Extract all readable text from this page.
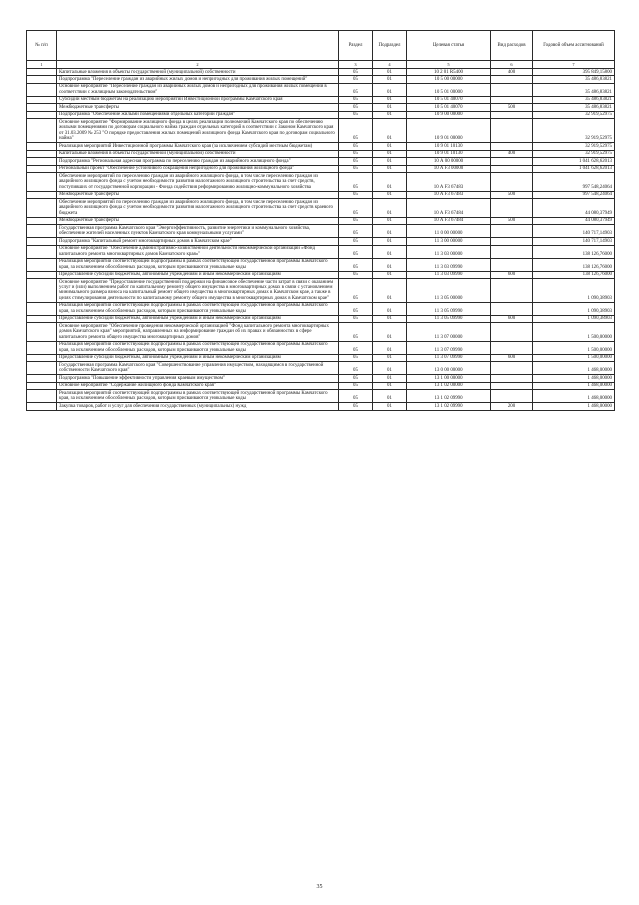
№ п/п		Раздел	Подраздел	Целевая статья	Вид расходов	Годовой объем ассигнований
1	2	3	4	5	6	7
	Капитальные вложения в объекты государственной (муниципальной) собственности	05	01	10 2 01 R5400	400	395 849,15800
	Подпрограмма "Переселение граждан из аварийных жилых домов и непригодных для проживания жилых помещений"	05	01	10 5 00 00000		35 486,83821
	Основное мероприятие "Переселение граждан из аварийных жилых домов и непригодных для проживания жилых помещений в соответствии с жилищным законодательством"	05	01	10 5 01 00000		35 486,83821
	Субсидии местным бюджетам на реализацию мероприятий Инвестиционной программы Камчатского края	05	01	10 5 01 40070		35 486,83821
	Межбюджетные трансферты	05	01	10 5 01 40070	500	35 486,83821
	Подпрограмма "Обеспечение жилыми помещениями отдельных категорий граждан"	05	01	10 9 00 00000		32 919,52975
	Основное мероприятие "Формирование жилищного фонда в целях реализации полномочий Камчатского края по обеспечению жилыми помещениями по договорам социального найма граждан отдельных категорий в соответствии с Законом Камчатского края от 31.03.2009 № 253 "О порядке предоставления жилых помещений жилищного фонда Камчатского края по договорам социального найма"	05	01	10 9 01 00000		32 919,52975
	Реализация мероприятий Инвестиционной программы Камчатского края (за исключением субсидий местным бюджетам)	05	01	10 9 01 10130		32 919,52975
	Капитальные вложения в объекты государственной (муниципальной) собственности	05	01	10 9 01 10130	400	32 919,52975
	Подпрограмма "Региональная адресная программа по переселению граждан из аварийного жилищного фонда"	05	01	10 А 00 00000		1 041 628,62013
	Региональный проект "Обеспечение устойчивого сокращения непригодного для проживания жилищного фонда"	05	01	10 А F3 00000		1 041 628,62013
	Обеспечение мероприятий по переселению граждан из аварийного жилищного фонда, в том числе переселению граждан из аварийного жилищного фонда с учетом необходимости развития малоэтажного жилищного строительства за счет средств, поступивших от государственной корпорации - Фонда содействия реформированию жилищно-коммунального хозяйства	05	01	10 А F3 67483		997 548,24064
	Межбюджетные трансферты	05	01	10 А F3 67483	500	997 548,24064
	Обеспечение мероприятий по переселению граждан из аварийного жилищного фонда, в том числе переселению граждан из аварийного жилищного фонда с учетом необходимости развития малоэтажного жилищного строительства за счет средств краевого бюджета	05	01	10 А F3 67484		44 080,37949
	Межбюджетные трансферты	05	01	10 А F3 67484	500	44 080,37949
	Государственная программа Камчатского края "Энергоэффективность, развитие энергетики и коммунального хозяйства, обеспечение жителей населенных пунктов Камчатского края коммунальными услугами"	05	01	11 0 00 00000		140 717,14903
	Подпрограмма "Капитальный ремонт многоквартирных домов в Камчатском крае"	05	01	11 3 00 00000		140 717,14903
	Основное мероприятие "Обеспечение административно-хозяйственной деятельности некоммерческой организации «Фонд капитального ремонта многоквартирных домов Камчатского края»"	05	01	11 3 03 00000		138 126,76000
	Реализация мероприятий соответствующей подпрограммы в рамках соответствующей государственной программы Камчатского края, за исключением обособленных расходов, которым присваиваются уникальные коды	05	01	11 3 03 09990		138 126,76000
	Предоставление субсидий бюджетным, автономным учреждениям и иным некоммерческим организациям	05	01	11 3 03 09990	600	138 126,76000
	Основное мероприятие "Предоставление государственной поддержки на финансовое обеспечение части затрат в связи с оказанием услуг и (или) выполнением работ по капитальному ремонту общего имущества в многоквартирных домах в связи с установлением минимального размера взноса на капитальный ремонт общего имущества в многоквартирных домах в Камчатском крае, а также в целях стимулирования деятельности по капитальному ремонту общего имущества в многоквартирных домах в Камчатском крае"	05	01	11 3 05 00000		1 090,38903
	Реализация мероприятий соответствующей подпрограммы в рамках соответствующей государственной программы Камчатского края, за исключением обособленных расходов, которым присваиваются уникальные коды	05	01	11 3 05 09990		1 090,38903
	Предоставление субсидий бюджетным, автономным учреждениям и иным некоммерческим организациям	05	01	11 3 05 09990	600	1 090,38903
	Основное мероприятие "Обеспечение проведения некоммерческой организацией "Фонд капитального ремонта многоквартирных домов Камчатского края" мероприятий, направленных на информирование граждан об их правах и обязанностях в сфере капитального ремонта общего имущества многоквартирных домов"	05	01	11 3 07 00000		1 500,00000
	Реализация мероприятий соответствующей подпрограммы в рамках соответствующей государственной программы Камчатского края, за исключением обособленных расходов, которым присваиваются уникальные коды	05	01	11 3 07 09990		1 500,00000
	Предоставление субсидий бюджетным, автономным учреждениям и иным некоммерческим организациям	05	01	11 3 07 09990	600	1 500,00000
	Государственная программа Камчатского края "Совершенствование управления имуществом, находящимся в государственной собственности Камчатского края"	05	01	13 0 00 00000		1 468,00000
	Подпрограмма "Повышение эффективности управления краевым имуществом"	05	01	13 1 00 00000		1 468,00000
	Основное мероприятие "Содержание жилищного фонда Камчатского края"	05	01	13 1 02 00000		1 468,00000
	Реализация мероприятий соответствующей подпрограммы в рамках соответствующей государственной программы Камчатского края, за исключением обособленных расходов, которым присваиваются уникальные коды	05	01	13 1 02 09990		1 468,00000
	Закупка товаров, работ и услуг для обеспечения государственных (муниципальных) нужд	05	01	13 1 02 09990	200	1 468,00000
35
